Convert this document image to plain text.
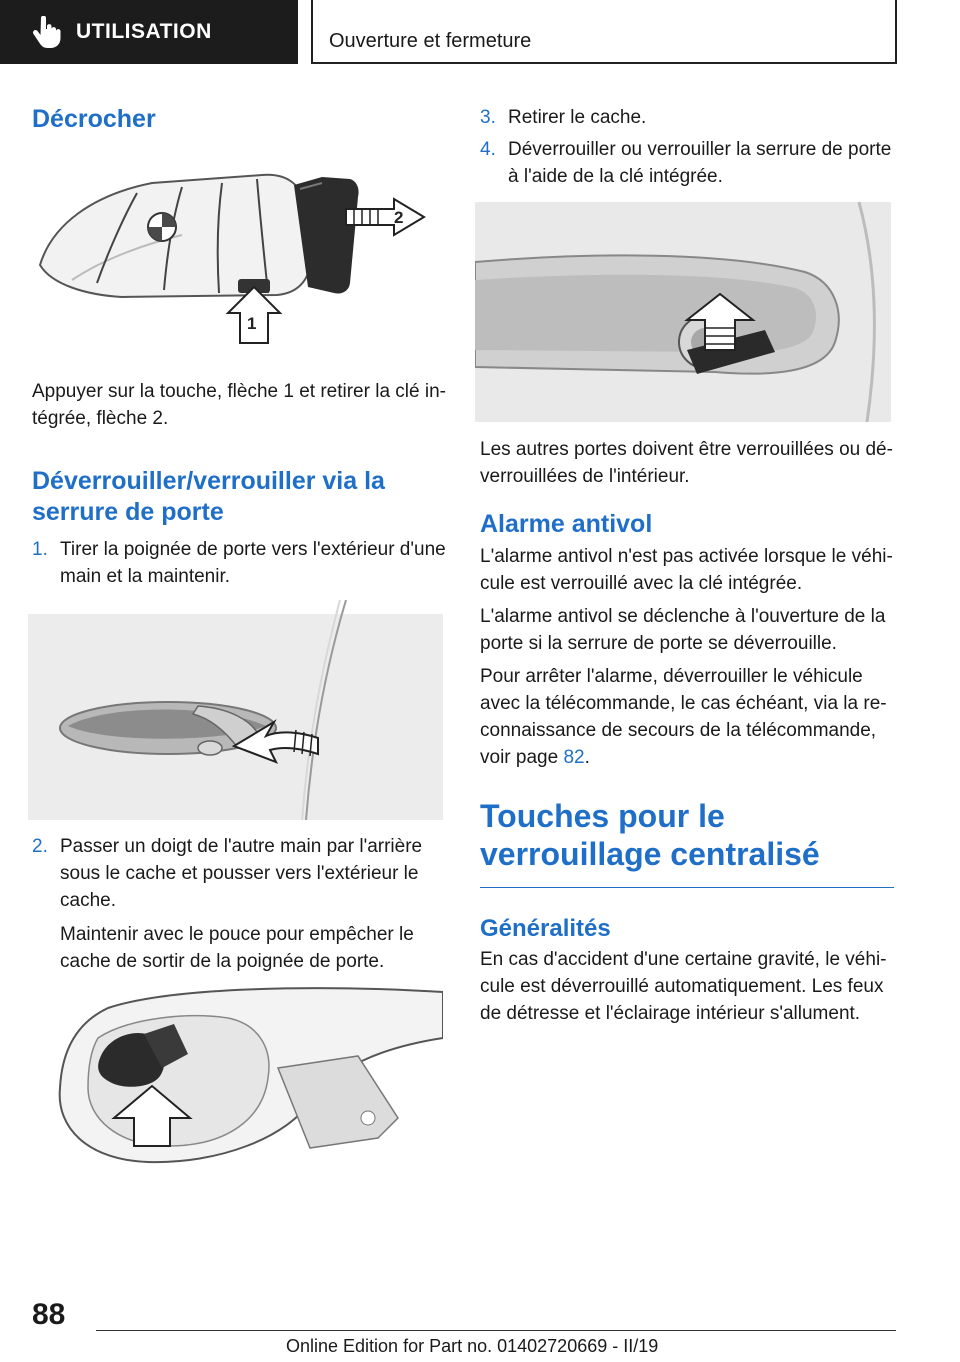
UTILISATION	Ouverture et fermeture
Décrocher
2
1

Appuyer sur la touche, flèche 1 et retirer la clé in-tégrée, flèche 2.

Déverrouiller/verrouiller via la serrure de porte
1. Tirer la poignée de porte vers l'extérieur d'une main et la maintenir.
2. Passer un doigt de l'autre main par l'arrière sous le cache et pousser vers l'extérieur le cache.
Maintenir avec le pouce pour empêcher le cache de sortir de la poignée de porte.
3. Retirer le cache.
4. Déverrouiller ou verrouiller la serrure de porte à l'aide de la clé intégrée.

Les autres portes doivent être verrouillées ou dé-verrouillées de l'intérieur.

Alarme antivol

L'alarme antivol n'est pas activée lorsque le véhi-cule est verrouillé avec la clé intégrée.

L'alarme antivol se déclenche à l'ouverture de la porte si la serrure de porte se déverrouille.

Pour arrêter l'alarme, déverrouiller le véhicule avec la télécommande, le cas échéant, via la re-connaissance de secours de la télécommande, voir page 82.

Touches pour le verrouillage centralisé
Généralités

En cas d'accident d'une certaine gravité, le véhi-cule est déverrouillé automatiquement. Les feux de détresse et l'éclairage intérieur s'allument.

88
Online Edition for Part no. 01402720669 - II/19
